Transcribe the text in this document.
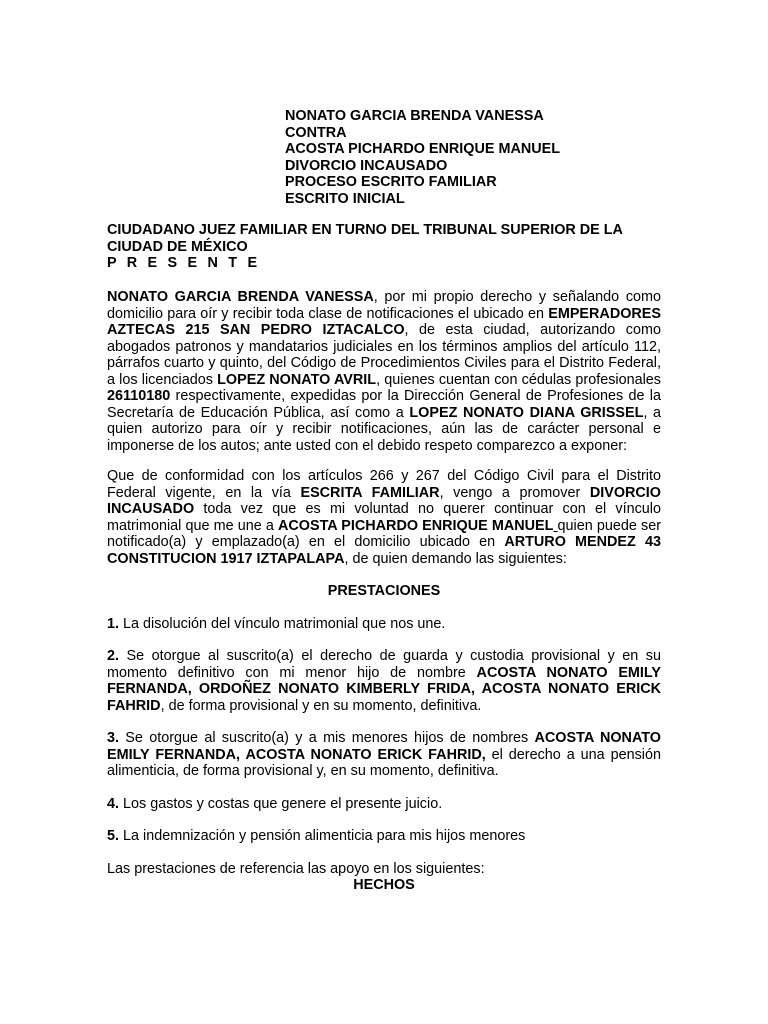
NONATO GARCIA BRENDA VANESSA
CONTRA
ACOSTA PICHARDO ENRIQUE MANUEL
DIVORCIO INCAUSADO
PROCESO ESCRITO FAMILIAR
ESCRITO INICIAL
CIUDADANO JUEZ FAMILIAR EN TURNO DEL TRIBUNAL SUPERIOR DE LA CIUDAD DE MÉXICO
P R E S E N T E
NONATO GARCIA BRENDA VANESSA, por mi propio derecho y señalando como domicilio para oír y recibir toda clase de notificaciones el ubicado en EMPERADORES AZTECAS 215 SAN PEDRO IZTACALCO, de esta ciudad, autorizando como abogados patronos y mandatarios judiciales en los términos amplios del artículo 112, párrafos cuarto y quinto, del Código de Procedimientos Civiles para el Distrito Federal, a los licenciados LOPEZ NONATO AVRIL, quienes cuentan con cédulas profesionales 26110180 respectivamente, expedidas por la Dirección General de Profesiones de la Secretaría de Educación Pública, así como a LOPEZ NONATO DIANA GRISSEL, a quien autorizo para oír y recibir notificaciones, aún las de carácter personal e imponerse de los autos; ante usted con el debido respeto comparezco a exponer:
Que de conformidad con los artículos 266 y 267 del Código Civil para el Distrito Federal vigente, en la vía ESCRITA FAMILIAR, vengo a promover DIVORCIO INCAUSADO toda vez que es mi voluntad no querer continuar con el vínculo matrimonial que me une a ACOSTA PICHARDO ENRIQUE MANUEL quien puede ser notificado(a) y emplazado(a) en el domicilio ubicado en ARTURO MENDEZ 43 CONSTITUCION 1917 IZTAPALAPA, de quien demando las siguientes:
PRESTACIONES
1. La disolución del vínculo matrimonial que nos une.
2. Se otorgue al suscrito(a) el derecho de guarda y custodia provisional y en su momento definitivo con mi menor hijo de nombre ACOSTA NONATO EMILY FERNANDA, ORDOÑEZ NONATO KIMBERLY FRIDA, ACOSTA NONATO ERICK FAHRID, de forma provisional y en su momento, definitiva.
3. Se otorgue al suscrito(a) y a mis menores hijos de nombres ACOSTA NONATO EMILY FERNANDA, ACOSTA NONATO ERICK FAHRID, el derecho a una pensión alimenticia, de forma provisional y, en su momento, definitiva.
4. Los gastos y costas que genere el presente juicio.
5. La indemnización y pensión alimenticia para mis hijos menores
Las prestaciones de referencia las apoyo en los siguientes:
HECHOS
